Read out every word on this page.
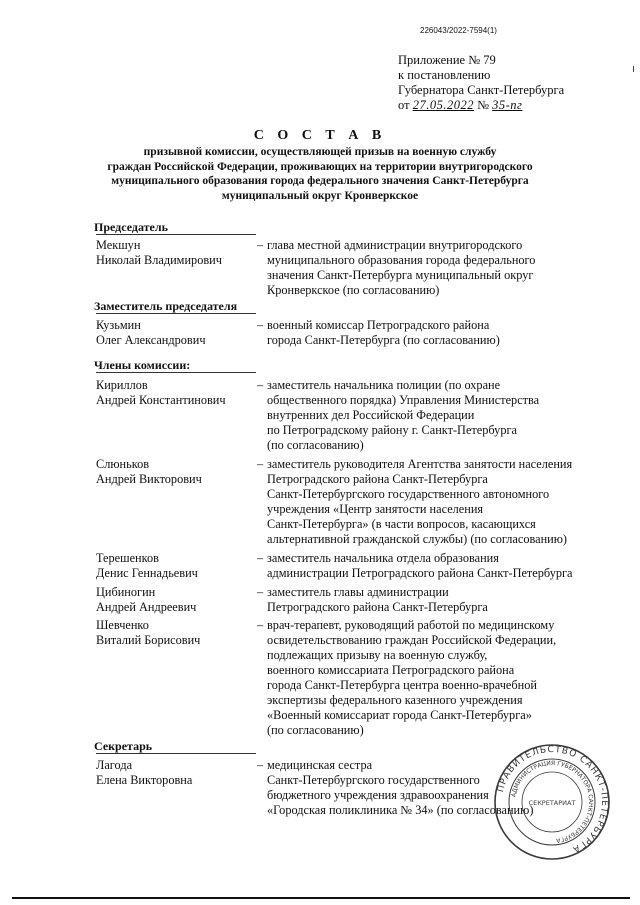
226043/2022-7594(1)
Приложение № 79
к постановлению
Губернатора Санкт-Петербурга
от 27.05.2022 № 35-пг
С О С Т А В
призывной комиссии, осуществляющей призыв на военную службу
граждан Российской Федерации, проживающих на территории внутригородского
муниципального образования города федерального значения Санкт-Петербурга
муниципальный округ Кронверкское
Председатель
Мекшун
Николай Владимирович
– глава местной администрации внутригородского
муниципального образования города федерального
значения Санкт-Петербурга муниципальный округ
Кронверкское (по согласованию)
Заместитель председателя
Кузьмин
Олег Александрович
– военный комиссар Петроградского района
города Санкт-Петербурга (по согласованию)
Члены комиссии:
Кириллов
Андрей Константинович
– заместитель начальника полиции (по охране
общественного порядка) Управления Министерства
внутренних дел Российской Федерации
по Петроградскому району г. Санкт-Петербурга
(по согласованию)
Слюньков
Андрей Викторович
– заместитель руководителя Агентства занятости населения
Петроградского района Санкт-Петербурга
Санкт-Петербургского государственного автономного
учреждения «Центр занятости населения
Санкт-Петербурга» (в части вопросов, касающихся
альтернативной гражданской службы) (по согласованию)
Терешенков
Денис Геннадьевич
– заместитель начальника отдела образования
администрации Петроградского района Санкт-Петербурга
Цибиногин
Андрей Андреевич
– заместитель главы администрации
Петроградского района Санкт-Петербурга
Шевченко
Виталий Борисович
– врач-терапевт, руководящий работой по медицинскому
освидетельствованию граждан Российской Федерации,
подлежащих призыву на военную службу,
военного комиссариата Петроградского района
города Санкт-Петербурга центра военно-врачебной
экспертизы федерального казенного учреждения
«Военный комиссариат города Санкт-Петербурга»
(по согласованию)
Секретарь
Лагода
Елена Викторовна
– медицинская сестра
Санкт-Петербургского государственного
бюджетного учреждения здравоохранения
«Городская поликлиника № 34» (по согласованию)
ПРАВИТЕЛЬСТВО САНКТ-ПЕТЕРБУРГА
АДМИНИСТРАЦИЯ ГУБЕРНАТОРА САНКТ-ПЕТЕРБУРГА
СЕКРЕТАРИАТ
